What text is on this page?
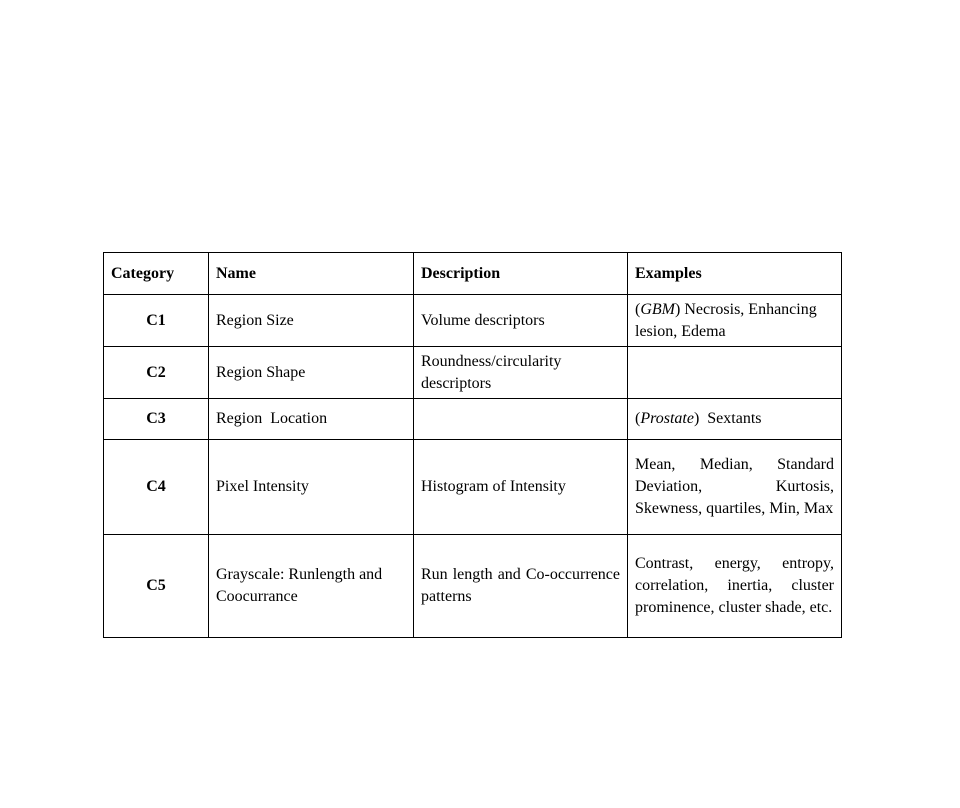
Category	Name	Description	Examples
C1	Region Size	Volume descriptors	(GBM) Necrosis, Enhancing lesion, Edema
C2	Region Shape	Roundness/circularity descriptors	
C3	Region  Location		(Prostate)  Sextants
C4	Pixel Intensity	Histogram of Intensity	Mean, Median, Standard Deviation, Kurtosis, Skewness, quartiles, Min, Max
C5	Grayscale: Runlength and Coocurrance	Run length and Co-occurrence patterns	Contrast, energy, entropy, correlation, inertia, cluster prominence, cluster shade, etc.
